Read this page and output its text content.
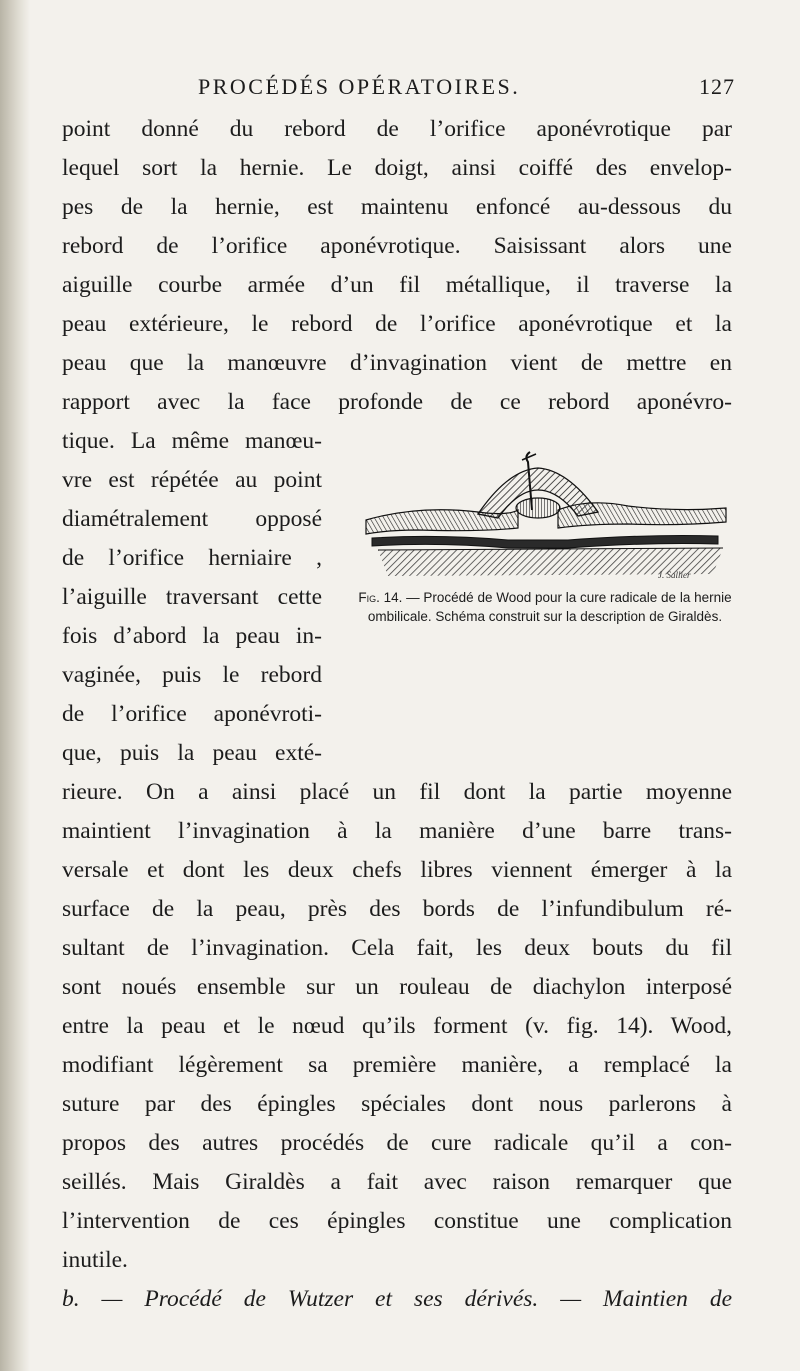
PROCÉDÉS OPÉRATOIRES.	127
point donné du rebord de l’orifice aponévrotique par
lequel sort la hernie. Le doigt, ainsi coiffé des envelop-
pes de la hernie, est maintenu enfoncé au-dessous du
rebord de l’orifice aponévrotique. Saisissant alors une
aiguille courbe armée d’un fil métallique, il traverse la
peau extérieure, le rebord de l’orifice aponévrotique et la
peau que la manœuvre d’invagination vient de mettre en
rapport avec la face profonde de ce rebord aponévro-
tique. La même manœu-
vre est répétée au point
diamétralement opposé
de l’orifice herniaire ,
l’aiguille traversant cette
fois d’abord la peau in-
vaginée, puis le rebord
de l’orifice aponévroti-
que, puis la peau exté-
rieure. On a ainsi placé un fil dont la partie moyenne
maintient l’invagination à la manière d’une barre trans-
versale et dont les deux chefs libres viennent émerger à la
surface de la peau, près des bords de l’infundibulum ré-
sultant de l’invagination. Cela fait, les deux bouts du fil
sont noués ensemble sur un rouleau de diachylon interposé
entre la peau et le nœud qu’ils forment (v. fig. 14). Wood,
modifiant légèrement sa première manière, a remplacé la
suture par des épingles spéciales dont nous parlerons à
propos des autres procédés de cure radicale qu’il a con-
seillés. Mais Giraldès a fait avec raison remarquer que
l’intervention de ces épingles constitue une complication
inutile.
b. — Procédé de Wutzer et ses dérivés. — Maintien de
J. Sallier
Fig. 14. — Procédé de Wood pour la cure radicale de la hernie ombilicale. Schéma construit sur la description de Giraldès.
